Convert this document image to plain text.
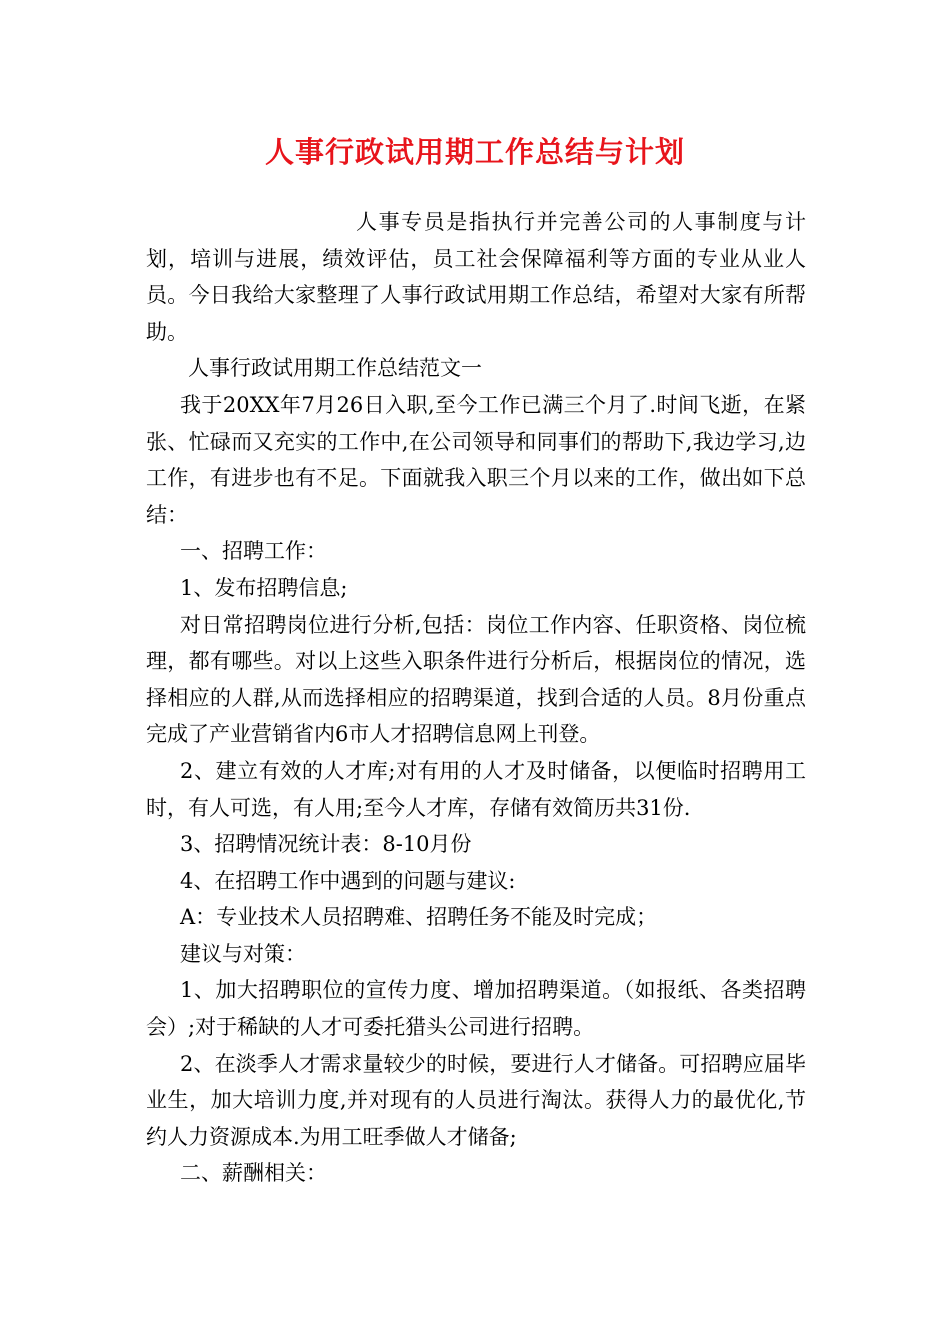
人事行政试用期工作总结与计划

人事专员是指执行并完善公司的人事制度与计划，培训与进展，绩效评估，员工社会保障福利等方面的专业从业人员。今日我给大家整理了人事行政试用期工作总结，希望对大家有所帮助。

人事行政试用期工作总结范文一

我于20XX年7月26日入职,至今工作已满三个月了.时间飞逝，在紧张、忙碌而又充实的工作中,在公司领导和同事们的帮助下,我边学习,边工作，有进步也有不足。下面就我入职三个月以来的工作，做出如下总结：

一、招聘工作：

1、发布招聘信息;

对日常招聘岗位进行分析,包括：岗位工作内容、任职资格、岗位梳理，都有哪些。对以上这些入职条件进行分析后，根据岗位的情况，选择相应的人群,从而选择相应的招聘渠道，找到合适的人员。8月份重点完成了产业营销省内6市人才招聘信息网上刊登。

2、建立有效的人才库;对有用的人才及时储备，以便临时招聘用工时，有人可选，有人用;至今人才库，存储有效简历共31份.

3、招聘情况统计表：8-10月份

4、在招聘工作中遇到的问题与建议:

A：专业技术人员招聘难、招聘任务不能及时完成；

建议与对策：

1、加大招聘职位的宣传力度、增加招聘渠道。（如报纸、各类招聘会）;对于稀缺的人才可委托猎头公司进行招聘。

2、在淡季人才需求量较少的时候，要进行人才储备。可招聘应届毕业生，加大培训力度,并对现有的人员进行淘汰。获得人力的最优化,节约人力资源成本.为用工旺季做人才储备;

二、薪酬相关：
